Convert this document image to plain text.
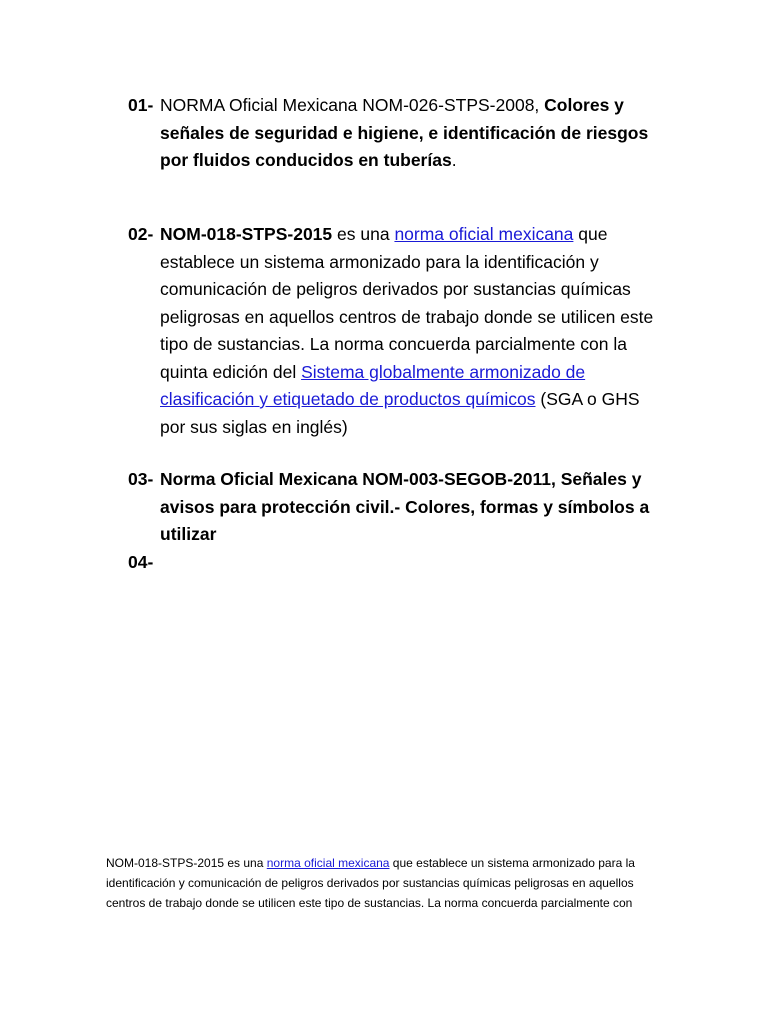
01- NORMA Oficial Mexicana NOM-026-STPS-2008, Colores y señales de seguridad e higiene, e identificación de riesgos por fluidos conducidos en tuberías.
02- NOM-018-STPS-2015 es una norma oficial mexicana que establece un sistema armonizado para la identificación y comunicación de peligros derivados por sustancias químicas peligrosas en aquellos centros de trabajo donde se utilicen este tipo de sustancias. La norma concuerda parcialmente con la quinta edición del Sistema globalmente armonizado de clasificación y etiquetado de productos químicos (SGA o GHS por sus siglas en inglés)
03- Norma Oficial Mexicana NOM-003-SEGOB-2011, Señales y avisos para protección civil.- Colores, formas y símbolos a utilizar
04-
NOM-018-STPS-2015 es una norma oficial mexicana que establece un sistema armonizado para la identificación y comunicación de peligros derivados por sustancias químicas peligrosas en aquellos centros de trabajo donde se utilicen este tipo de sustancias. La norma concuerda parcialmente con
